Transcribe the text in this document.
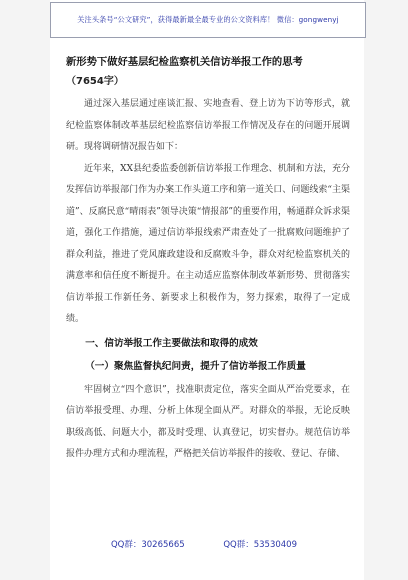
关注头条号“公文研究”，获得最新最全最专业的公文资料库！ 微信：gongwenyj

新形势下做好基层纪检监察机关信访举报工作的思考

（7654字）

通过深入基层通过座谈汇报、实地查看、登上访为下访等形式，就纪检监察体制改革基层纪检监察信访举报工作情况及存在的问题开展调研。现将调研情况报告如下：

近年来，XX县纪委监委创新信访举报工作理念、机制和方法，充分发挥信访举报部门作为办案工作头道工序和第一道关口、问题线索“主渠道”、反腐民意“晴雨表”领导决策“情报部”的重要作用，畅通群众诉求渠道，强化工作措施，通过信访举报线索严肃查处了一批腐败问题维护了群众利益，推进了党风廉政建设和反腐败斗争，群众对纪检监察机关的满意率和信任度不断提升。在主动适应监察体制改革新形势、贯彻落实信访举报工作新任务、新要求上积极作为，努力探索，取得了一定成绩。

一、信访举报工作主要做法和取得的成效

（一）聚焦监督执纪问责，提升了信访举报工作质量

牢固树立“四个意识”，找准职责定位，落实全面从严治党要求，在信访举报受理、办理、分析上体现全面从严。对群众的举报，无论反映职级高低、问题大小，都及时受理、认真登记，切实督办。规范信访举报件办理方式和办理流程，严格把关信访举报件的接收、登记、存储、

QQ群：30265665	QQ群：53530409
